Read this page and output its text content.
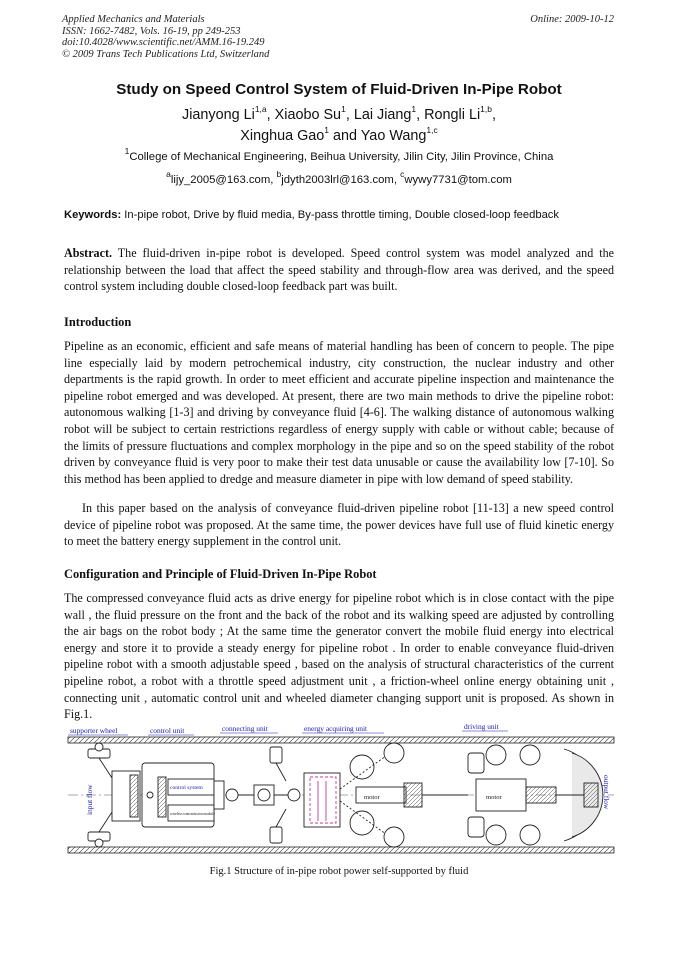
Applied Mechanics and Materials
ISSN: 1662-7482, Vols. 16-19, pp 249-253
doi:10.4028/www.scientific.net/AMM.16-19.249
© 2009 Trans Tech Publications Ltd, Switzerland
Online: 2009-10-12
Study on Speed Control System of Fluid-Driven In-Pipe Robot
Jianyong Li$^{1,a}$, Xiaobo Su$^1$, Lai Jiang$^1$, Rongli Li$^{1,b}$,
Xinghua Gao$^1$ and Yao Wang$^{1,c}$
$^1$College of Mechanical Engineering, Beihua University, Jilin City, Jilin Province, China
$^a$lijy_2005@163.com, $^b$jdyth2003lrl@163.com, $^c$wywy7731@tom.com
Keywords: In-pipe robot, Drive by fluid media, By-pass throttle timing, Double closed-loop feedback
Abstract. The fluid-driven in-pipe robot is developed. Speed control system was model analyzed and the relationship between the load that affect the speed stability and through-flow area was derived, and the speed control system including double closed-loop feedback part was built.
Introduction
Pipeline as an economic, efficient and safe means of material handling has been of concern to people. The pipe line especially laid by modern petrochemical industry, city construction, the nuclear industry and other departments is the rapid growth. In order to meet efficient and accurate pipeline inspection and maintenance the pipeline robot emerged and was developed. At present, there are two main methods to drive the pipeline robot: autonomous walking [1-3] and driving by conveyance fluid [4-6]. The walking distance of autonomous walking robot will be subject to certain restrictions regardless of energy supply with cable or without cable; because of the limits of pressure fluctuations and complex morphology in the pipe and so on the speed stability of the robot driven by conveyance fluid is very poor to make their test data unusable or cause the availability low [7-10]. So this method has been applied to dredge and measure diameter in pipe with low demand of speed stability.
In this paper based on the analysis of conveyance fluid-driven pipeline robot [11-13] a new speed control device of pipeline robot was proposed. At the same time, the power devices have full use of fluid kinetic energy to meet the battery energy supplement in the control unit.
Configuration and Principle of Fluid-Driven In-Pipe Robot
The compressed conveyance fluid acts as drive energy for pipeline robot which is in close contact with the pipe wall , the fluid pressure on the front and the back of the robot and its walking speed are adjusted by controlling the air bags on the robot body ; At the same time the generator convert the mobile fluid energy into electrical energy and store it to provide a steady energy for pipeline robot . In order to enable conveyance fluid-driven pipeline robot with a smooth adjustable speed , based on the analysis of structural characteristics of the current pipeline robot, a robot with a throttle speed adjustment unit , a friction-wheel online energy obtaining unit , connecting unit , automatic control unit and wheeled diameter changing support unit is proposed. As shown in Fig.1.
supporter wheel	control unit	connecting unit	energy acquiring unit	driving unit
control system
wireless transmission module
motor	motor
input flow	output flow
Fig.1 Structure of in-pipe robot power self-supported by fluid
